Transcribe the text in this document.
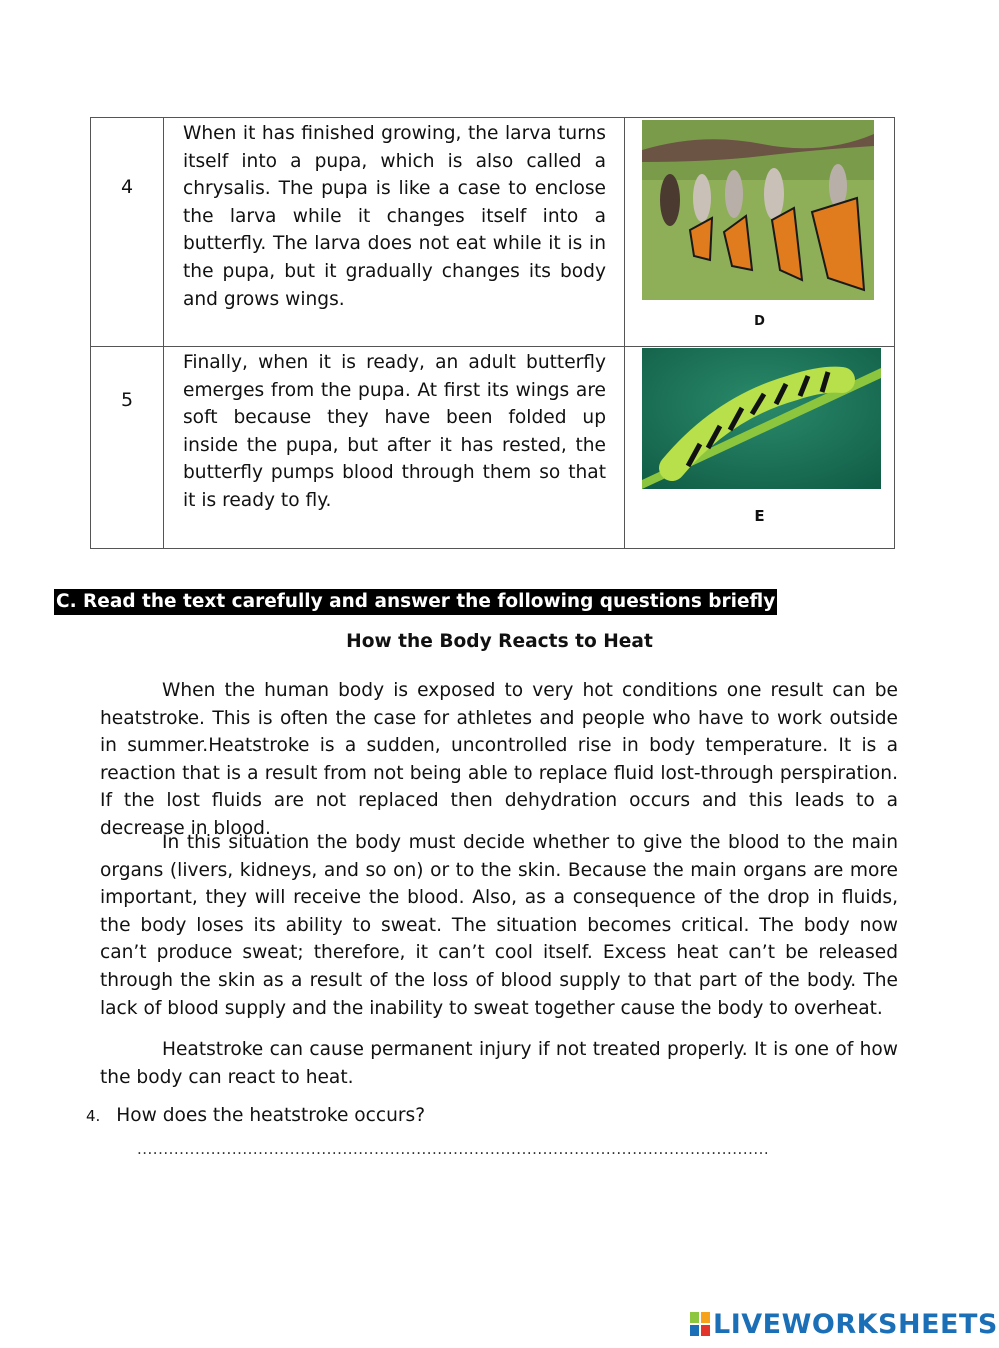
4	When it has finished growing, the larva turns itself into a pupa, which is also called a chrysalis. The pupa is like a case to enclose the larva while it changes itself into a butterfly. The larva does not eat while it is in the pupa, but it gradually changes its body and grows wings.	D

5	Finally, when it is ready, an adult butterfly emerges from the pupa. At first its wings are soft because they have been folded up inside the pupa, but after it has rested, the butterfly pumps blood through them so that it is ready to fly.	E
C. Read the text carefully and answer the following questions briefly
How the Body Reacts to Heat

When the human body is exposed to very hot conditions one result can be heatstroke. This is often the case for athletes and people who have to work outside in summer.Heatstroke is a sudden, uncontrolled rise in body temperature. It is a reaction that is a result from not being able to replace fluid lost-through perspiration. If the lost fluids are not replaced then dehydration occurs and this leads to a decrease in blood.

In this situation the body must decide whether to give the blood to the main organs (livers, kidneys, and so on) or to the skin. Because the main organs are more important, they will receive the blood. Also, as a consequence of the drop in fluids, the body loses its ability to sweat. The situation becomes critical. The body now can’t produce sweat; therefore, it can’t cool itself. Excess heat can’t be released through the skin as a result of the loss of blood supply to that part of the body. The lack of blood supply and the inability to sweat together cause the body to overheat.

Heatstroke can cause permanent injury if not treated properly. It is one of how the body can react to heat.

4. How does the heatstroke occurs?
........................................................................................................................
LIVEWORKSHEETS
